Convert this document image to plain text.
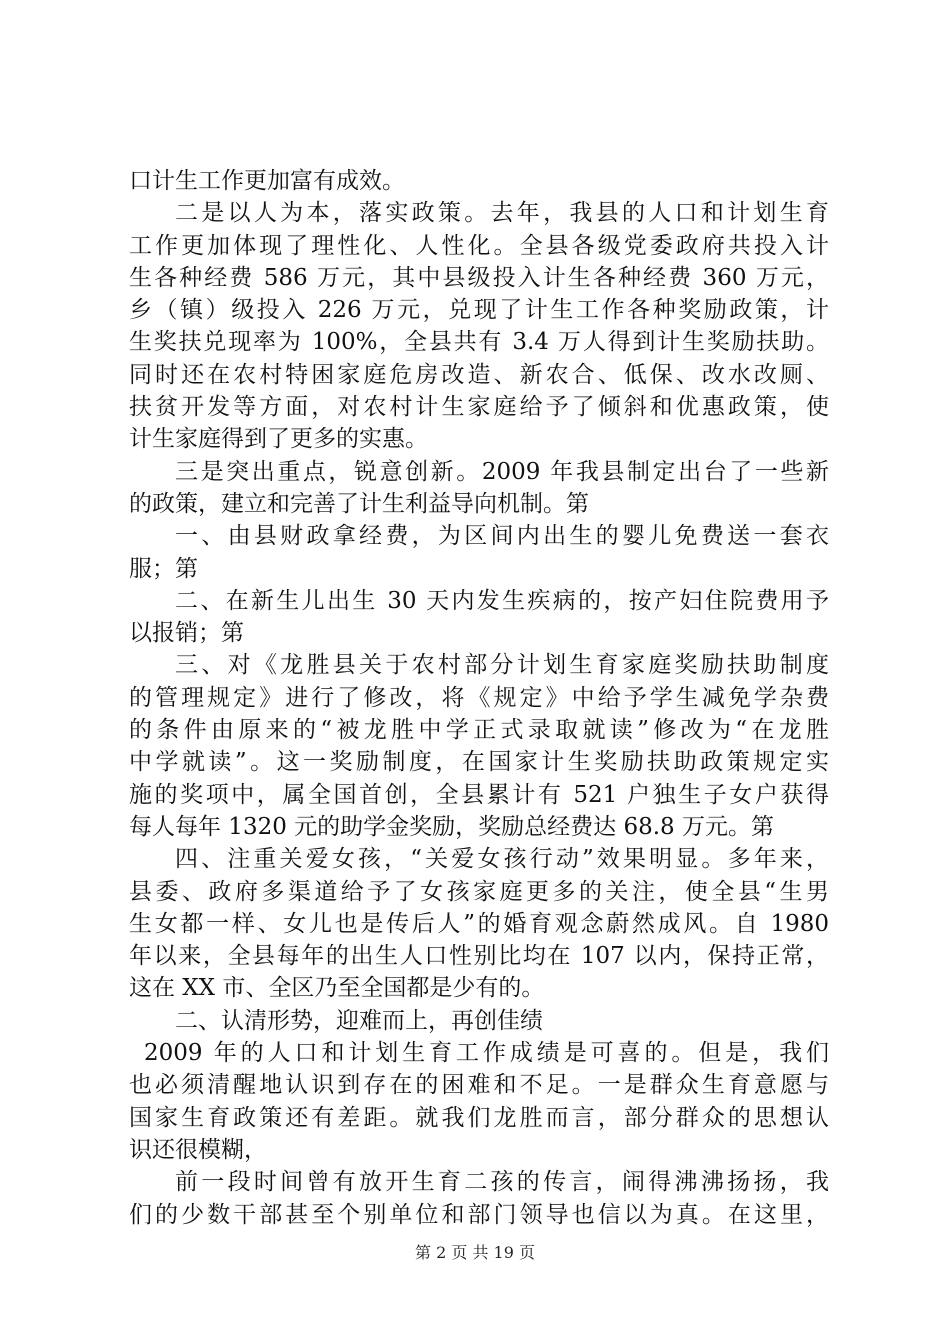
口计生工作更加富有成效。
二是以人为本，落实政策。去年，我县的人口和计划生育
工作更加体现了理性化、人性化。全县各级党委政府共投入计
生各种经费 586 万元，其中县级投入计生各种经费 360 万元，
乡（镇）级投入 226 万元，兑现了计生工作各种奖励政策，计
生奖扶兑现率为 100%，全县共有 3.4 万人得到计生奖励扶助。
同时还在农村特困家庭危房改造、新农合、低保、改水改厕、
扶贫开发等方面，对农村计生家庭给予了倾斜和优惠政策，使
计生家庭得到了更多的实惠。
三是突出重点，锐意创新。2009 年我县制定出台了一些新
的政策，建立和完善了计生利益导向机制。第
一、由县财政拿经费，为区间内出生的婴儿免费送一套衣
服；第
二、在新生儿出生 30 天内发生疾病的，按产妇住院费用予
以报销；第
三、对《龙胜县关于农村部分计划生育家庭奖励扶助制度
的管理规定》进行了修改，将《规定》中给予学生减免学杂费
的条件由原来的“被龙胜中学正式录取就读”修改为“在龙胜
中学就读”。这一奖励制度，在国家计生奖励扶助政策规定实
施的奖项中，属全国首创，全县累计有 521 户独生子女户获得
每人每年 1320 元的助学金奖励，奖励总经费达 68.8 万元。第
四、注重关爱女孩，“关爱女孩行动”效果明显。多年来，
县委、政府多渠道给予了女孩家庭更多的关注，使全县“生男
生女都一样、女儿也是传后人”的婚育观念蔚然成风。自 1980
年以来，全县每年的出生人口性别比均在 107 以内，保持正常，
这在 XX 市、全区乃至全国都是少有的。
二、认清形势，迎难而上，再创佳绩
2009 年的人口和计划生育工作成绩是可喜的。但是，我们
也必须清醒地认识到存在的困难和不足。一是群众生育意愿与
国家生育政策还有差距。就我们龙胜而言，部分群众的思想认
识还很模糊，
前一段时间曾有放开生育二孩的传言，闹得沸沸扬扬，我
们的少数干部甚至个别单位和部门领导也信以为真。在这里，
第 2 页 共 19 页
